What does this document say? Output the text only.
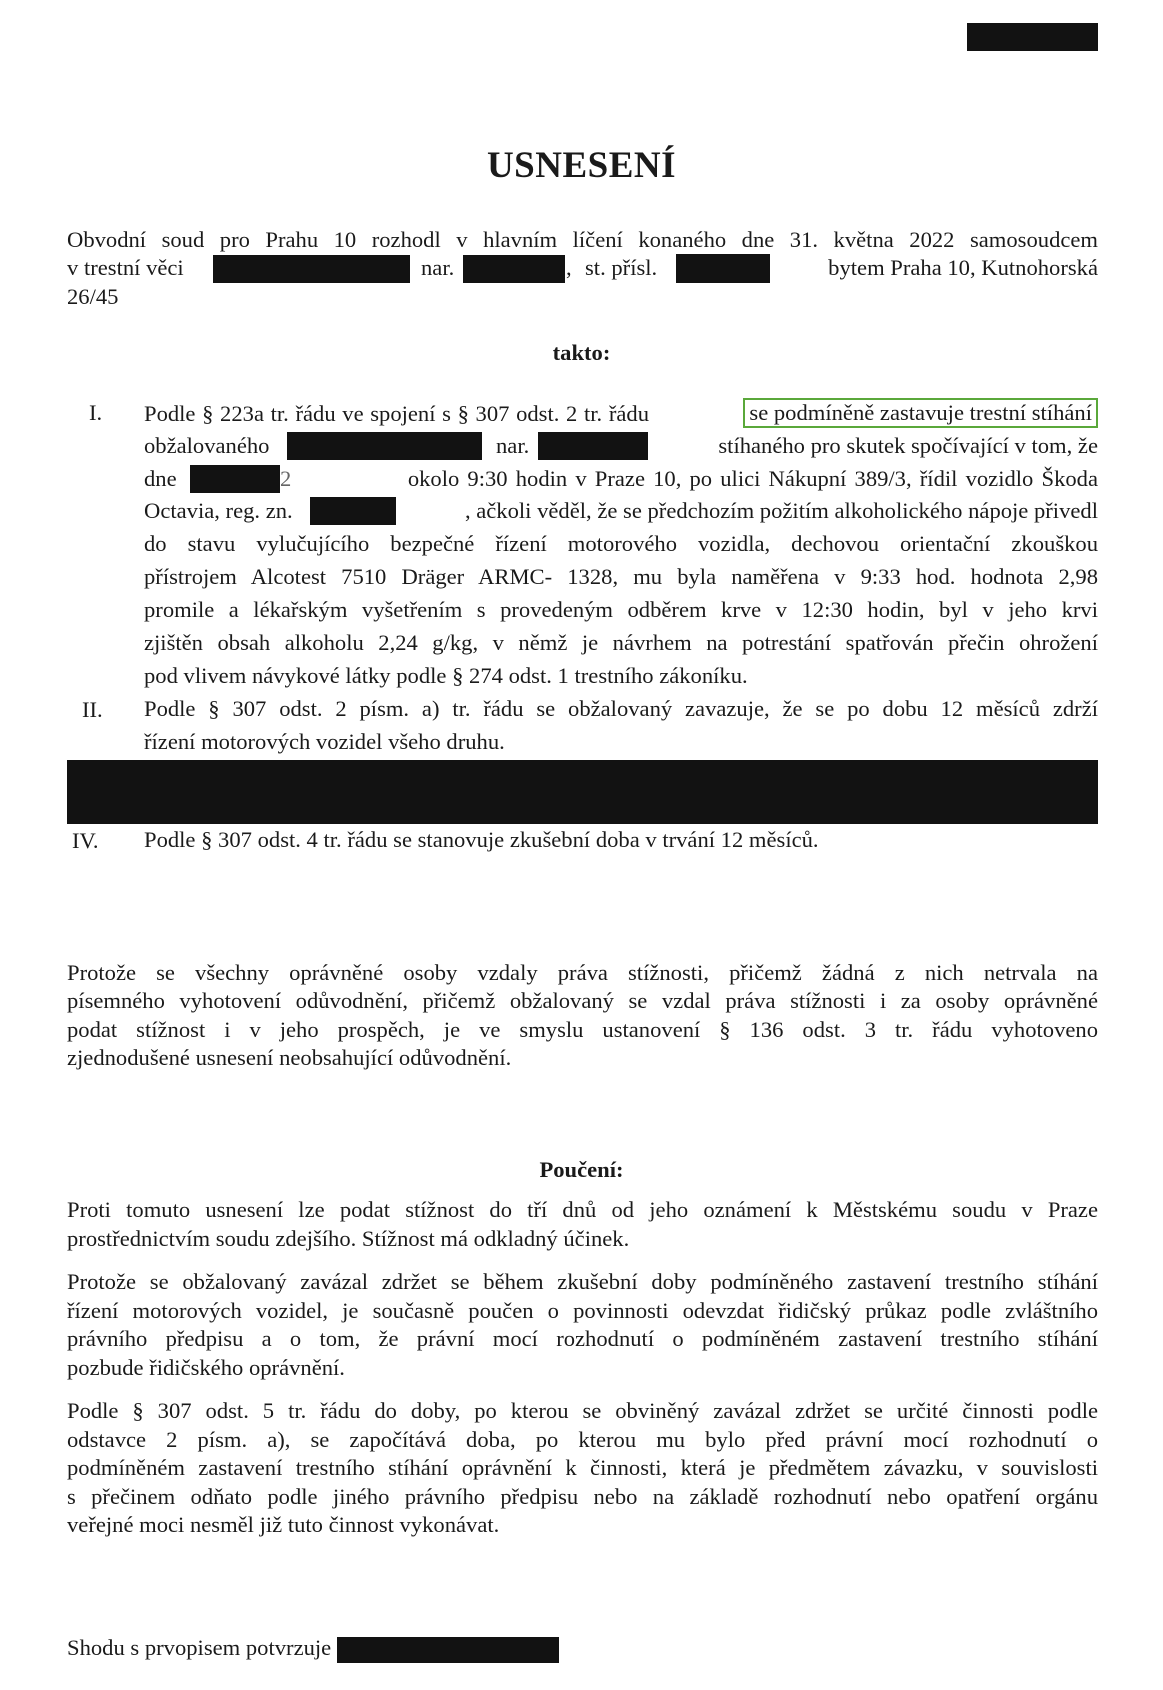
USNESENÍ
Obvodní soud pro Prahu 10 rozhodl v hlavním líčení konaného dne 31. května 2022 samosoudcem
v trestní věci	nar.	, st. přísl.	bytem Praha 10, Kutnohorská
26/45
takto:
I. Podle § 223a tr. řádu ve spojení s § 307 odst. 2 tr. řádu	se podmíněně zastavuje trestní stíhání
obžalovaného	nar.	stíhaného pro skutek spočívající v tom, že
dne	2	okolo 9:30 hodin v Praze 10, po ulici Nákupní 389/3, řídil vozidlo Škoda
Octavia, reg. zn.	, ačkoli věděl, že se předchozím požitím alkoholického nápoje přivedl
do stavu vylučujícího bezpečné řízení motorového vozidla, dechovou orientační zkouškou
přístrojem Alcotest 7510 Dräger ARMC- 1328, mu byla naměřena v 9:33 hod. hodnota 2,98
promile a lékařským vyšetřením s provedeným odběrem krve v 12:30 hodin, byl v jeho krvi
zjištěn obsah alkoholu 2,24 g/kg, v němž je návrhem na potrestání spatřován přečin ohrožení
pod vlivem návykové látky podle § 274 odst. 1 trestního zákoníku.
II. Podle § 307 odst. 2 písm. a) tr. řádu se obžalovaný zavazuje, že se po dobu 12 měsíců zdrží
řízení motorových vozidel všeho druhu.
IV. Podle § 307 odst. 4 tr. řádu se stanovuje zkušební doba v trvání 12 měsíců.
Protože se všechny oprávněné osoby vzdaly práva stížnosti, přičemž žádná z nich netrvala na
písemného vyhotovení odůvodnění, přičemž obžalovaný se vzdal práva stížnosti i za osoby oprávněné
podat stížnost i v jeho prospěch, je ve smyslu ustanovení § 136 odst. 3 tr. řádu vyhotoveno
zjednodušené usnesení neobsahující odůvodnění.
Poučení:
Proti tomuto usnesení lze podat stížnost do tří dnů od jeho oznámení k Městskému soudu v Praze
prostřednictvím soudu zdejšího. Stížnost má odkladný účinek.
Protože se obžalovaný zavázal zdržet se během zkušební doby podmíněného zastavení trestního stíhání
řízení motorových vozidel, je současně poučen o povinnosti odevzdat řidičský průkaz podle zvláštního
právního předpisu a o tom, že právní mocí rozhodnutí o podmíněném zastavení trestního stíhání
pozbude řidičského oprávnění.
Podle § 307 odst. 5 tr. řádu do doby, po kterou se obviněný zavázal zdržet se určité činnosti podle
odstavce 2 písm. a), se započítává doba, po kterou mu bylo před právní mocí rozhodnutí o
podmíněném zastavení trestního stíhání oprávnění k činnosti, která je předmětem závazku, v souvislosti
s přečinem odňato podle jiného právního předpisu nebo na základě rozhodnutí nebo opatření orgánu
veřejné moci nesměl již tuto činnost vykonávat.
Shodu s prvopisem potvrzuje
